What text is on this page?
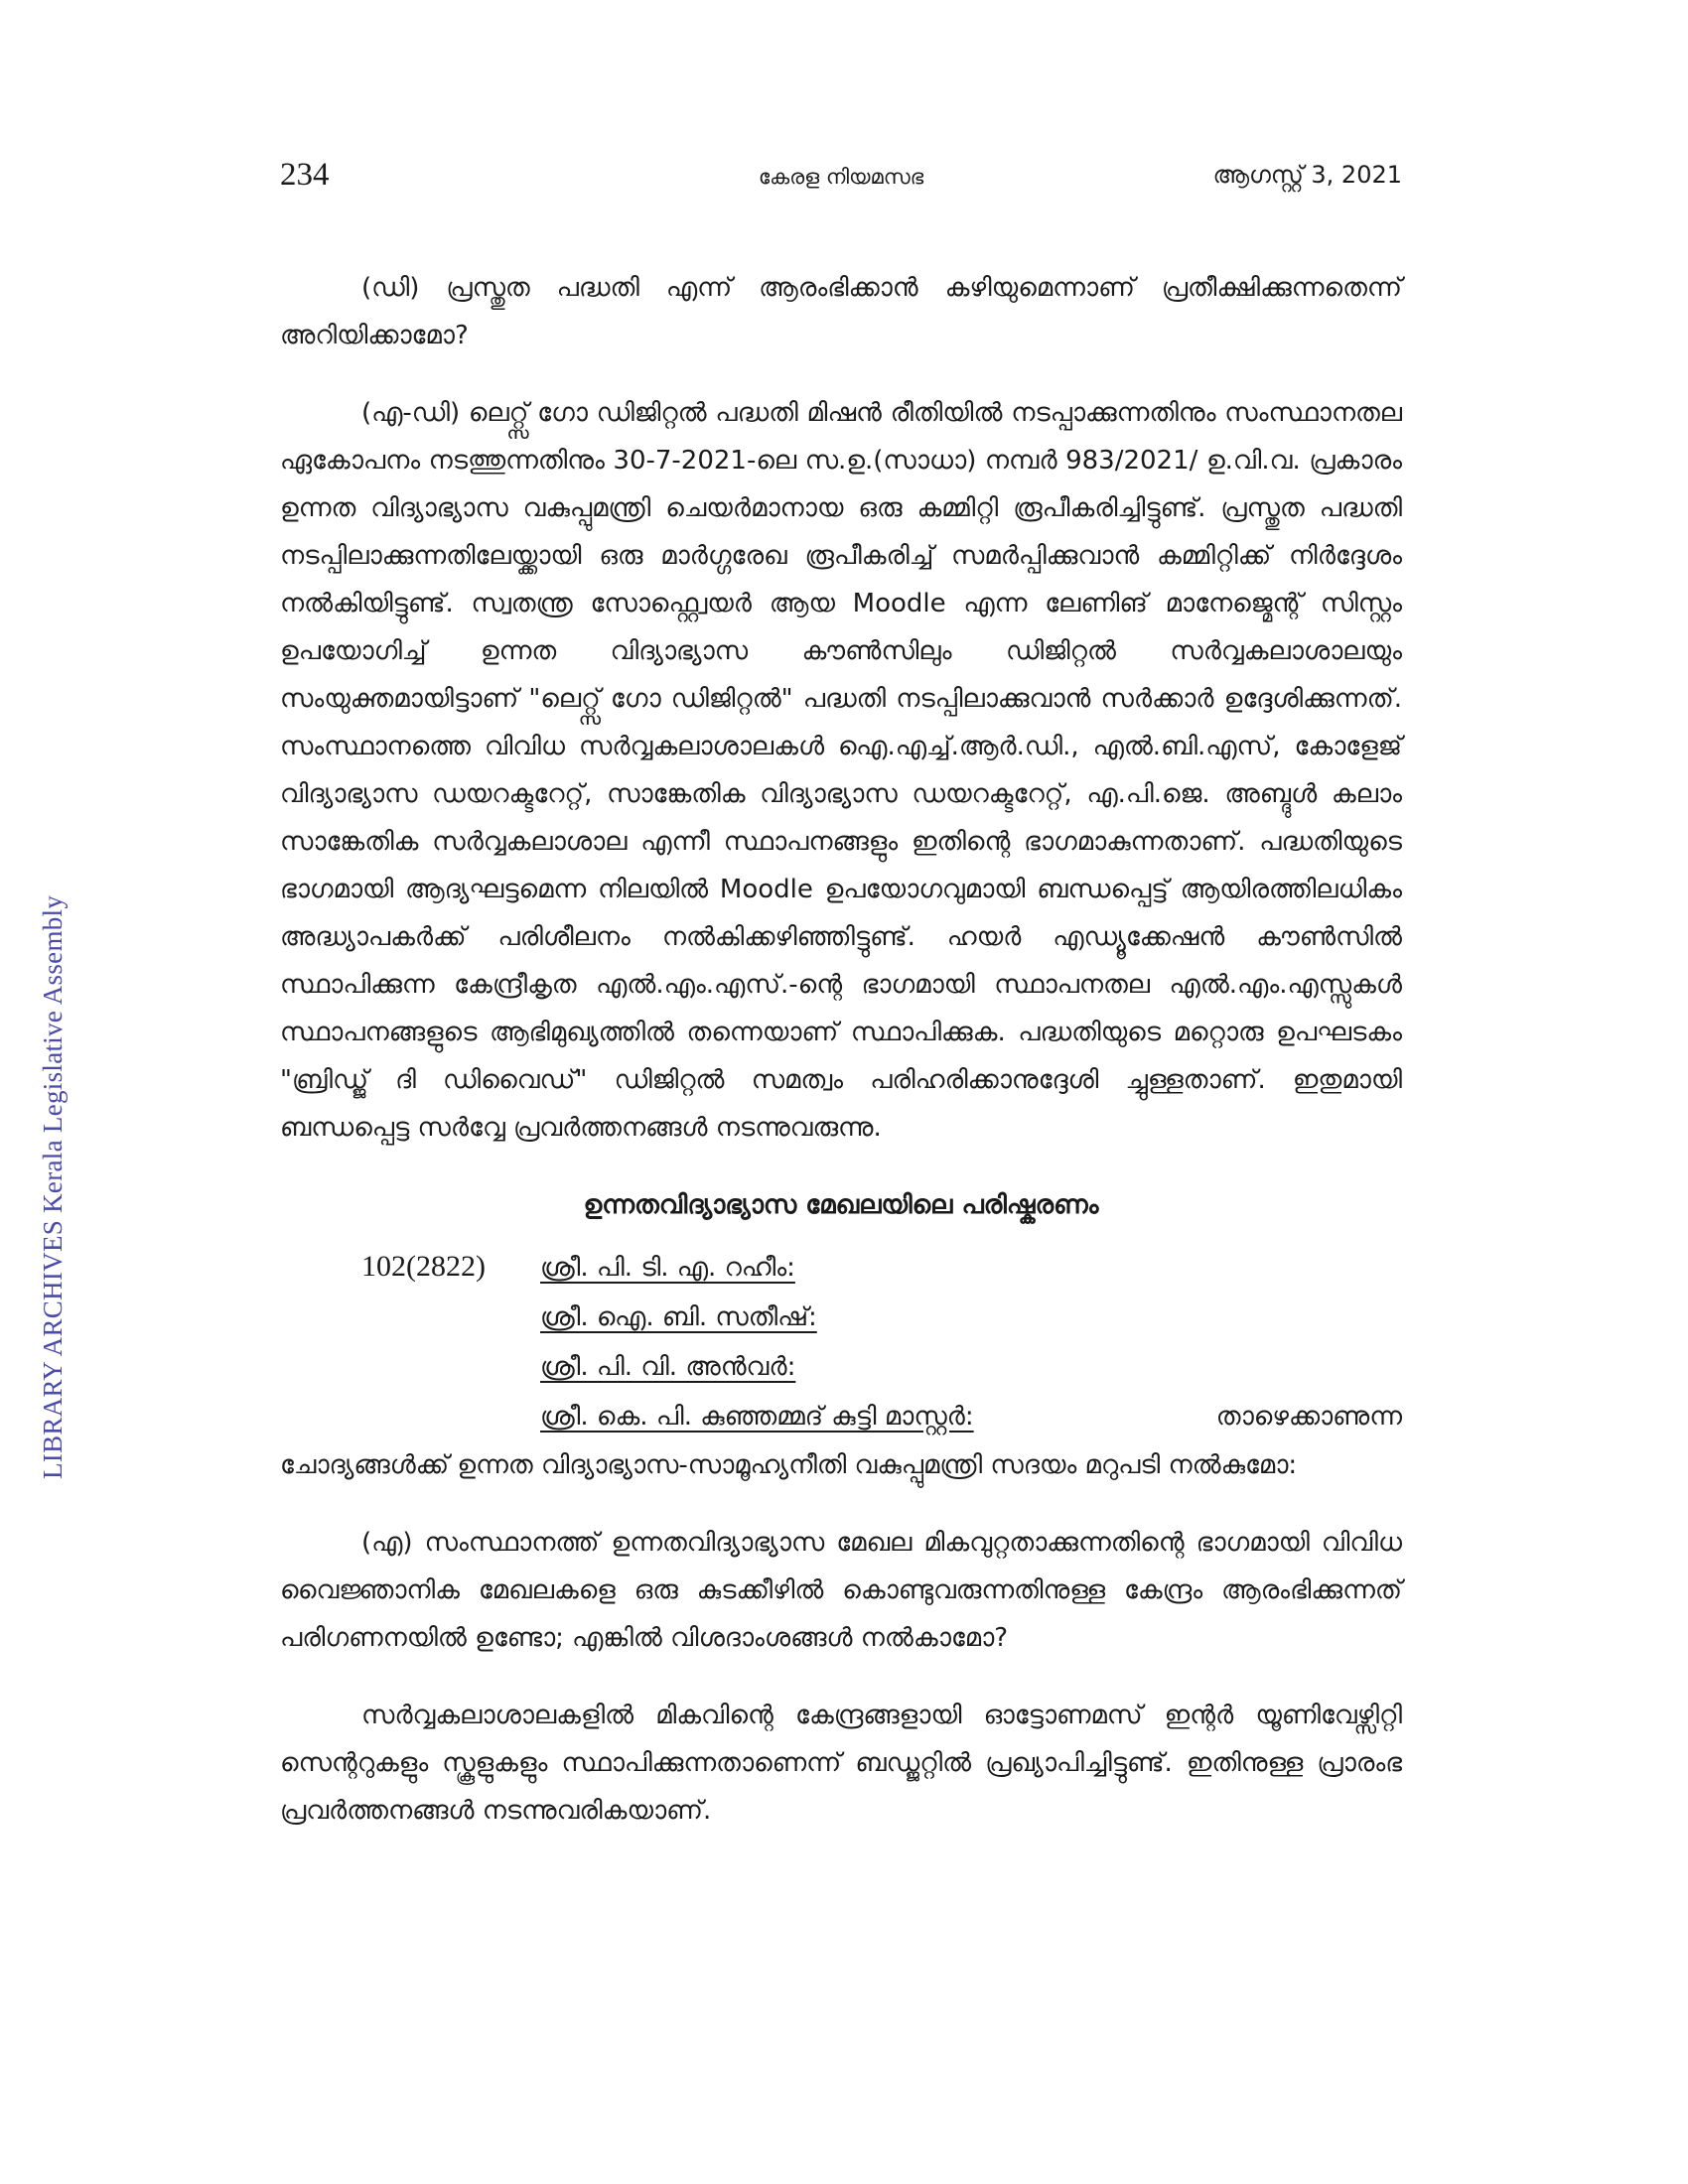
234	കേരള നിയമസഭ	ആഗസ്റ്റ് 3, 2021
LIBRARY ARCHIVES Kerala Legislative Assembly

(ഡി) പ്രസ്തുത പദ്ധതി എന്ന് ആരംഭിക്കാൻ കഴിയുമെന്നാണ് പ്രതീക്ഷിക്കുന്നതെന്ന് അറിയിക്കാമോ?

(എ-ഡി) ലെറ്റ്സ് ഗോ ഡിജിറ്റൽ പദ്ധതി മിഷൻ രീതിയിൽ നടപ്പാക്കുന്നതിനും സംസ്ഥാനതല ഏകോപനം നടത്തുന്നതിനും 30-7-2021-ലെ സ.ഉ.(സാധാ) നമ്പർ 983/2021/ ഉ.വി.വ. പ്രകാരം ഉന്നത വിദ്യാഭ്യാസ വകുപ്പുമന്ത്രി ചെയർമാനായ ഒരു കമ്മിറ്റി രൂപീകരിച്ചിട്ടുണ്ട്. പ്രസ്തുത പദ്ധതി നടപ്പിലാക്കുന്നതിലേയ്ക്കായി ഒരു മാർഗ്ഗരേഖ രൂപീകരിച്ച് സമർപ്പിക്കുവാൻ കമ്മിറ്റിക്ക് നിർദ്ദേശം നൽകിയിട്ടുണ്ട്. സ്വതന്ത്ര സോഫ്റ്റ്വെയർ ആയ Moodle എന്ന ലേണിങ് മാനേജ്മെന്റ് സിസ്റ്റം ഉപയോഗിച്ച് ഉന്നത വിദ്യാഭ്യാസ കൗൺസിലും ഡിജിറ്റൽ സർവ്വകലാശാലയും സംയുക്തമായിട്ടാണ് "ലെറ്റ്സ് ഗോ ഡിജിറ്റൽ" പദ്ധതി നടപ്പിലാക്കുവാൻ സർക്കാർ ഉദ്ദേശിക്കുന്നത്. സംസ്ഥാനത്തെ വിവിധ സർവ്വകലാശാലകൾ ഐ.എച്ച്.ആർ.ഡി., എൽ.ബി.എസ്, കോളേജ് വിദ്യാഭ്യാസ ഡയറക്ടറേറ്റ്, സാങ്കേതിക വിദ്യാഭ്യാസ ഡയറക്ടറേറ്റ്, എ.പി.ജെ. അബ്ദുൾ കലാം സാങ്കേതിക സർവ്വകലാശാല എന്നീ സ്ഥാപനങ്ങളും ഇതിന്റെ ഭാഗമാകുന്നതാണ്. പദ്ധതിയുടെ ഭാഗമായി ആദ്യഘട്ടമെന്ന നിലയിൽ Moodle ഉപയോഗവുമായി ബന്ധപ്പെട്ട് ആയിരത്തിലധികം അദ്ധ്യാപകർക്ക് പരിശീലനം നൽകിക്കഴിഞ്ഞിട്ടുണ്ട്. ഹയർ എഡ്യൂക്കേഷൻ കൗൺസിൽ സ്ഥാപിക്കുന്ന കേന്ദ്രീകൃത എൽ.എം.എസ്.-ന്റെ ഭാഗമായി സ്ഥാപനതല എൽ.എം.എസ്സുകൾ സ്ഥാപനങ്ങളുടെ ആഭിമുഖ്യത്തിൽ തന്നെയാണ് സ്ഥാപിക്കുക. പദ്ധതിയുടെ മറ്റൊരു ഉപഘടകം "ബ്രിഡ്ജ് ദി ഡിവൈഡ്" ഡിജിറ്റൽ സമത്വം പരിഹരിക്കാനുദ്ദേശി ച്ചുള്ളതാണ്. ഇതുമായി ബന്ധപ്പെട്ട സർവ്വേ പ്രവർത്തനങ്ങൾ നടന്നുവരുന്നു.

ഉന്നതവിദ്യാഭ്യാസ മേഖലയിലെ പരിഷ്കരണം
102(2822) ശ്രീ. പി. ടി. എ. റഹീം:
ശ്രീ. ഐ. ബി. സതീഷ്:
ശ്രീ. പി. വി. അൻവർ:
ശ്രീ. കെ. പി. കുഞ്ഞമ്മദ് കുട്ടി മാസ്റ്റർ:	താഴെക്കാണുന്ന

ചോദ്യങ്ങൾക്ക് ഉന്നത വിദ്യാഭ്യാസ-സാമൂഹ്യനീതി വകുപ്പുമന്ത്രി സദയം മറുപടി നൽകുമോ:

(എ) സംസ്ഥാനത്ത് ഉന്നതവിദ്യാഭ്യാസ മേഖല മികവുറ്റതാക്കുന്നതിന്റെ ഭാഗമായി വിവിധ വൈജ്ഞാനിക മേഖലകളെ ഒരു കുടക്കീഴിൽ കൊണ്ടുവരുന്നതിനുള്ള കേന്ദ്രം ആരംഭിക്കുന്നത് പരിഗണനയിൽ ഉണ്ടോ; എങ്കിൽ വിശദാംശങ്ങൾ നൽകാമോ?

സർവ്വകലാശാലകളിൽ മികവിന്റെ കേന്ദ്രങ്ങളായി ഓട്ടോണമസ് ഇന്റർ യൂണിവേഴ്സിറ്റി സെന്ററുകളും സ്കൂളുകളും സ്ഥാപിക്കുന്നതാണെന്ന് ബഡ്ജറ്റിൽ പ്രഖ്യാപിച്ചിട്ടുണ്ട്. ഇതിനുള്ള പ്രാരംഭ പ്രവർത്തനങ്ങൾ നടന്നുവരികയാണ്.
